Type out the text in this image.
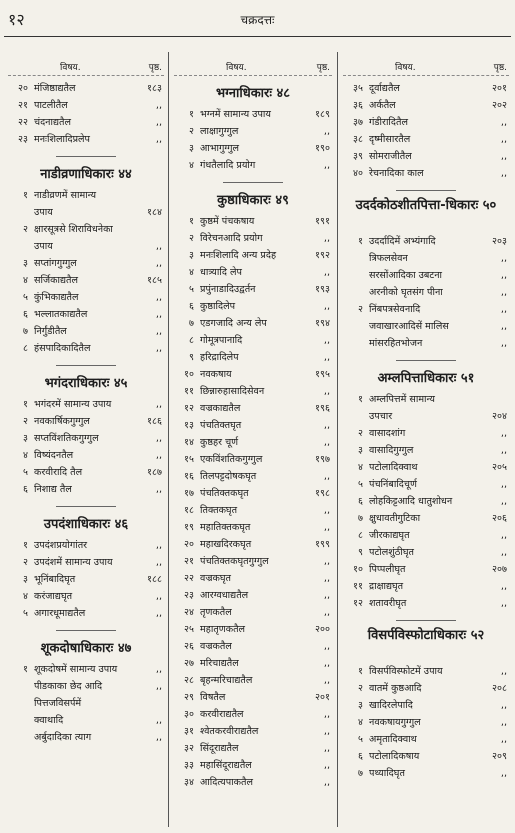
१२	चक्रदत्तः
विषय.	पृष्ठ.
२० मंजिष्ठाद्यतैल	१८३
२१ पाटलीतैल	,,
२२ चंदनाद्यतैल	,,
२३ मनःशिलादिप्रलेप	,,
नाडीव्रणाधिकारः ४४
१ नाडीव्रणमें सामान्य
उपाय	१८४
२ क्षारसूत्रसे शिराविधनेका
उपाय	,,
३ सप्तांगगुग्गुल	,,
४ सर्जिकाद्यतैल	१८५
५ कुंभिकाद्यतैल	,,
६ भल्लातकाद्यतैल	,,
७ निर्गुंडीतैल	,,
८ हंसपादिकादितैल	,,
भगंदराधिकारः ४५
१ भगंदरमें सामान्य उपाय	,,
२ नवकार्षिकगुग्गुल	१८६
३ सप्तविंशतिकगुग्गुल	,,
४ विष्यंदनतैल	,,
५ करवीरादि तैल	१८७
६ निशाद्य तैल	,,
उपदंशाधिकारः ४६
१ उपदंशप्रयोगांतर	,,
२ उपदंशमें सामान्य उपाय	,,
३ भूनिंबादिघृत	१८८
४ करंजाद्यघृत	,,
५ अगारधूमाद्यतैल	,,
शूकदोषाधिकारः ४७
१ शूकदोषमें सामान्य उपाय	,,
पीडकाका छेद आदि	,,
पित्तजविसर्पमें
क्वाथादि	,,
अर्बुदादिका त्याग	,,
विषय.	पृष्ठ.
भग्नाधिकारः ४८
१ भग्नमें सामान्य उपाय	१८९
२ लाक्षागुग्गुल	,,
३ आभागुग्गुल	१९०
४ गंधतैलादि प्रयोग	,,
कुष्ठाधिकारः ४९
१ कुष्ठमें पंचकषाय	१९१
२ विरेचनआदि प्रयोग	,,
३ मनःशिलादि अन्य प्रदेह	१९२
४ धात्र्यादि लेप	,,
५ प्रपुंनाडादिउद्वर्तन	१९३
६ कुष्ठादिलेप	,,
७ एडगजादि अन्य लेप	१९४
८ गोमूत्रपानादि	,,
९ हरिद्रादिलेप	,,
१० नवकषाय	१९५
११ छिन्नारुहासादिसेवन	,,
१२ वज्रकाद्यतैल	१९६
१३ पंचतिक्तघृत	,,
१४ कुष्ठहर चूर्ण	,,
१५ एकविंशतिकगुग्गुल	१९७
१६ तिलपट्टदोषकघृत	,,
१७ पंचतिक्तकघृत	१९८
१८ तिक्तकघृत	,,
१९ महातिक्तकघृत	,,
२० महाखदिरकघृत	१९९
२१ पंचतिक्तकघृतगुग्गुल	,,
२२ वज्रकघृत	,,
२३ आरग्वधाद्यतैल	,,
२४ तृणकतैल	,,
२५ महातृणकतैल	२००
२६ वज्रकतैल	,,
२७ मरिचाद्यतैल	,,
२८ बृहन्मरिचाद्यतैल	,,
२९ विषतैल	२०१
३० करवीराद्यतैल	,,
३१ श्वेतकरवीराद्यतैल	,,
३२ सिंदूराद्यतैल	,,
३३ महासिंदूराद्यतैल	,,
३४ आदित्यपाकतैल	,,
विषय.	पृष्ठ.
३५ दूर्वाद्यतैल	२०१
३६ अर्कतैल	२०२
३७ गंडीरादितैल	,,
३८ दृष्मीसारतैल	,,
३९ सोमराजीतैल	,,
४० रेचनादिका काल	,,
उदर्दकोठशीतपित्ता-धिकारः ५०
१ उदर्दादिमें अभ्यंगादि	२०३
त्रिफलसेवन	,,
सरसोंआदिका उबटना	,,
अरनीको घृतसंग पीना	,,
२ निंबपत्रसेवनादि	,,
जवाखारआदिसें मालिस	,,
मांसरहितभोजन	,,
अम्लपित्ताधिकारः ५१
१ अम्लपित्तमें सामान्य
उपचार	२०४
२ वासादशांग	,,
३ वासादिगुग्गुल	,,
४ पटोलादिक्वाथ	२०५
५ पंचनिंबादिचूर्ण	,,
६ लोहकिट्टआदि धातुशोधन	,,
७ क्षुधावतीगुटिका	२०६
८ जीरकाद्यघृत	,,
९ पटोलशुंठीघृत	,,
१० पिप्पलीघृत	२०७
११ द्राक्षाद्यघृत	,,
१२ शतावरीघृत	,,
विसर्पविस्फोटाधिकारः ५२
१ विसर्पविस्फोटमें उपाय	,,
२ वातमें कुष्ठआदि	२०८
३ खादिरलेपादि	,,
४ नवकषायगुग्गुल	,,
५ अमृतादिक्वाथ	,,
६ पटोलादिकषाय	२०९
७ पथ्यादिघृत	,,
